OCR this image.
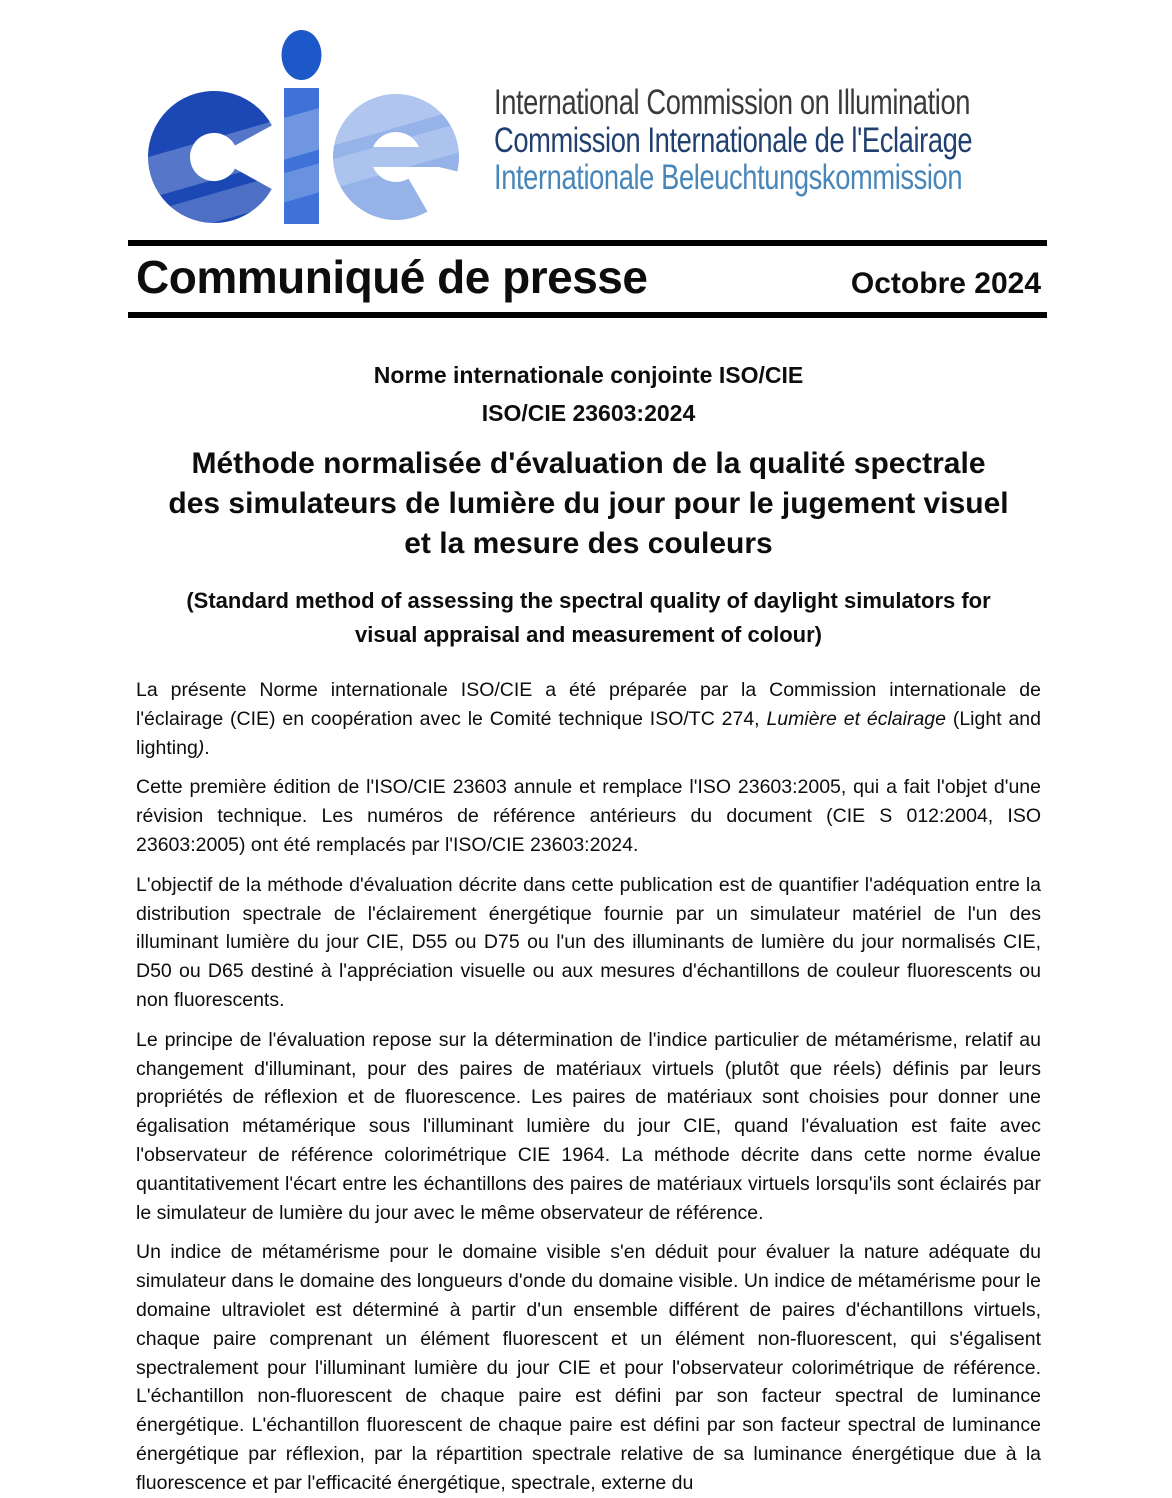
International Commission on Illumination
Commission Internationale de l'Eclairage
Internationale Beleuchtungskommission
Communiqué de presse	Octobre 2024
Norme internationale conjointe ISO/CIE
ISO/CIE 23603:2024
Méthode normalisée d'évaluation de la qualité spectrale
des simulateurs de lumière du jour pour le jugement visuel
et la mesure des couleurs
(Standard method of assessing the spectral quality of daylight simulators for
visual appraisal and measurement of colour)

La présente Norme internationale ISO/CIE a été préparée par la Commission internationale de l'éclairage (CIE) en coopération avec le Comité technique ISO/TC 274, Lumière et éclairage (Light and lighting).

Cette première édition de l'ISO/CIE 23603 annule et remplace l'ISO 23603:2005, qui a fait l'objet d'une révision technique. Les numéros de référence antérieurs du document (CIE S 012:2004, ISO 23603:2005) ont été remplacés par l'ISO/CIE 23603:2024.

L'objectif de la méthode d'évaluation décrite dans cette publication est de quantifier l'adéquation entre la distribution spectrale de l'éclairement énergétique fournie par un simulateur matériel de l'un des illuminant lumière du jour CIE, D55 ou D75 ou l'un des illuminants de lumière du jour normalisés CIE, D50 ou D65 destiné à l'appréciation visuelle ou aux mesures d'échantillons de couleur fluorescents ou non fluorescents.

Le principe de l'évaluation repose sur la détermination de l'indice particulier de métamérisme, relatif au changement d'illuminant, pour des paires de matériaux virtuels (plutôt que réels) définis par leurs propriétés de réflexion et de fluorescence. Les paires de matériaux sont choisies pour donner une égalisation métamérique sous l'illuminant lumière du jour CIE, quand l'évaluation est faite avec l'observateur de référence colorimétrique CIE 1964. La méthode décrite dans cette norme évalue quantitativement l'écart entre les échantillons des paires de matériaux virtuels lorsqu'ils sont éclairés par le simulateur de lumière du jour avec le même observateur de référence.

Un indice de métamérisme pour le domaine visible s'en déduit pour évaluer la nature adéquate du simulateur dans le domaine des longueurs d'onde du domaine visible. Un indice de métamérisme pour le domaine ultraviolet est déterminé à partir d'un ensemble différent de paires d'échantillons virtuels, chaque paire comprenant un élément fluorescent et un élément non-fluorescent, qui s'égalisent spectralement pour l'illuminant lumière du jour CIE et pour l'observateur colorimétrique de référence. L'échantillon non-fluorescent de chaque paire est défini par son facteur spectral de luminance énergétique. L'échantillon fluorescent de chaque paire est défini par son facteur spectral de luminance énergétique par réflexion, par la répartition spectrale relative de sa luminance énergétique due à la fluorescence et par l'efficacité énergétique, spectrale, externe du
